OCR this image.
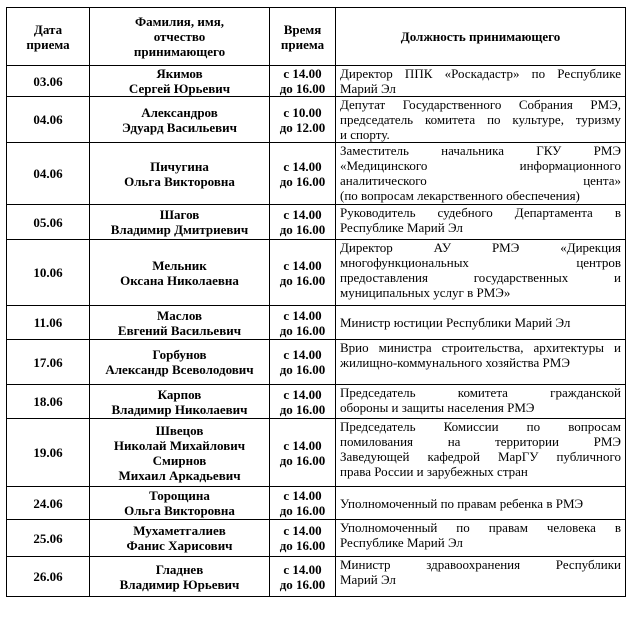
Дата
приема	Фамилия, имя,
отчество
принимающего	Время
приема	Должность принимающего

03.06	Якимов
Сергей Юрьевич	с 14.00
до 16.00	Директор ППК «Роскадастр» по Республике
Марий Эл

04.06	Александров
Эдуард Васильевич	с 10.00
до 12.00	Депутат Государственного Собрания РМЭ,
председатель комитета по культуре, туризму
и спорту.

04.06	Пичугина
Ольга Викторовна	с 14.00
до 16.00	Заместитель начальника ГКУ РМЭ
«Медицинского информационного
аналитического цента»
(по вопросам лекарственного обеспечения)

05.06	Шагов
Владимир Дмитриевич	с 14.00
до 16.00	Руководитель судебного Департамента в
Республике Марий Эл

10.06	Мельник
Оксана Николаевна	с 14.00
до 16.00	Директор АУ РМЭ «Дирекция
многофункциональных центров
предоставления государственных и
муниципальных услуг в РМЭ»

11.06	Маслов
Евгений Васильевич	с 14.00
до 16.00	Министр юстиции Республики Марий Эл

17.06	Горбунов
Александр Всеволодович	с 14.00
до 16.00	Врио министра строительства, архитектуры и
жилищно-коммунального хозяйства РМЭ

18.06	Карпов
Владимир Николаевич	с 14.00
до 16.00	Председатель комитета гражданской
обороны и защиты населения РМЭ

19.06	Швецов
Николай Михайлович
Смирнов
Михаил Аркадьевич	с 14.00
до 16.00	Председатель Комиссии по вопросам
помилования на территории РМЭ
Заведующей кафедрой МарГУ публичного
права России и зарубежных стран

24.06	Торощина
Ольга Викторовна	с 14.00
до 16.00	Уполномоченный по правам ребенка в РМЭ

25.06	Мухаметгалиев
Фанис Харисович	с 14.00
до 16.00	Уполномоченный по правам человека в
Республике Марий Эл

26.06	Гладнев
Владимир Юрьевич	с 14.00
до 16.00	Министр здравоохранения Республики
Марий Эл
